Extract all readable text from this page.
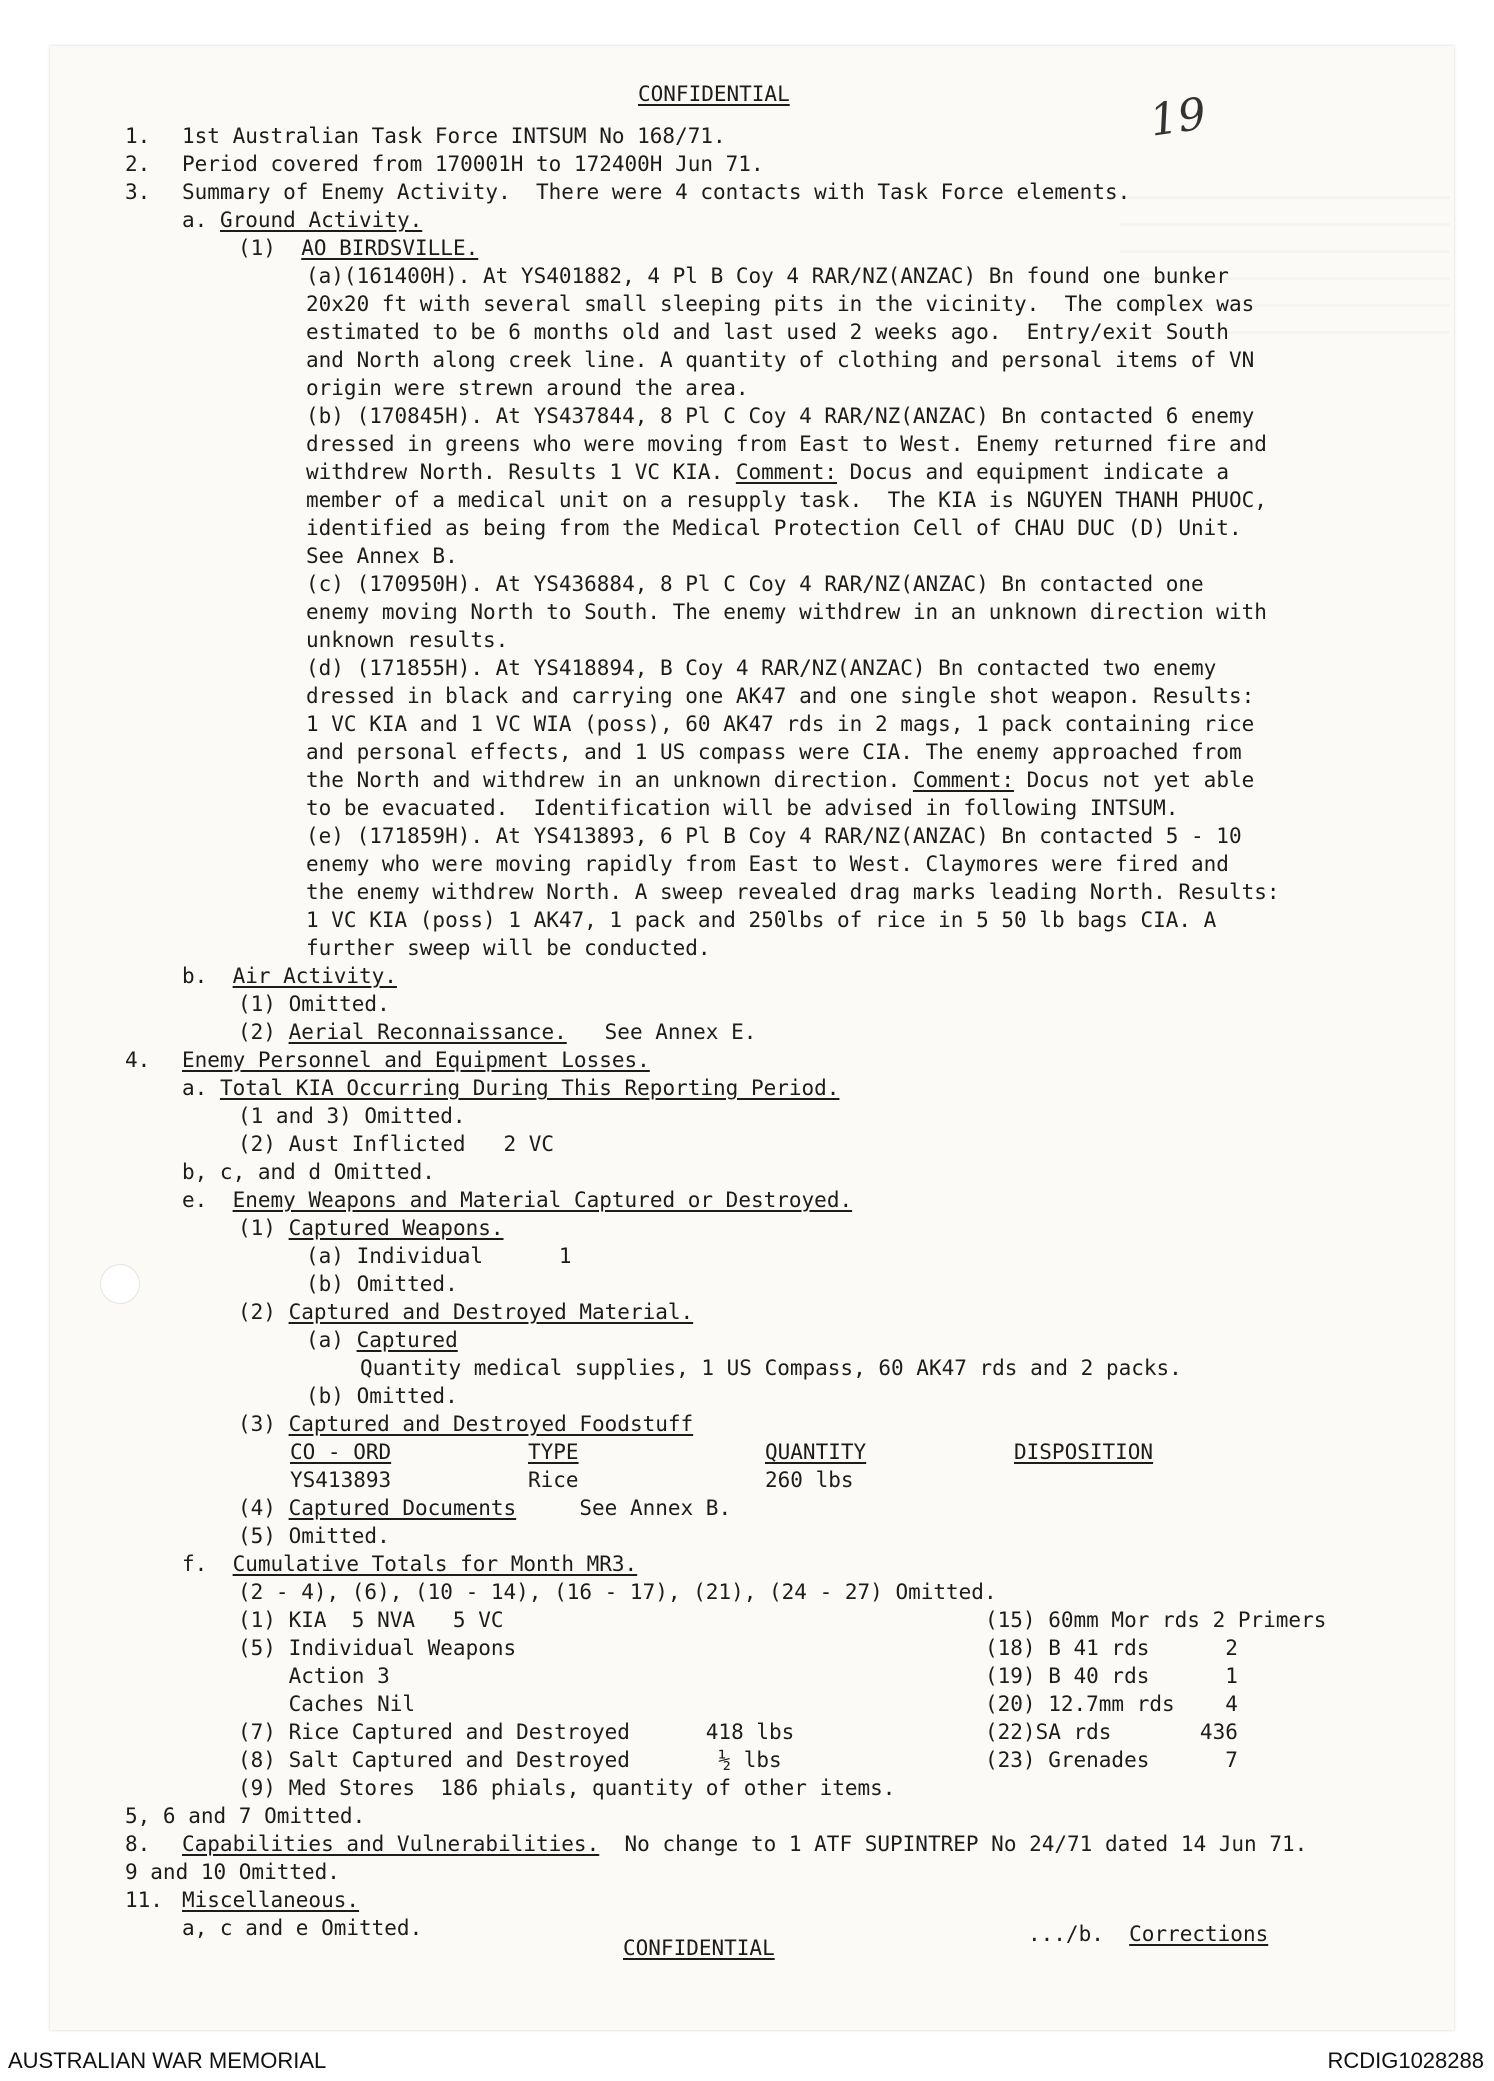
19
CONFIDENTIAL
1. 1st Australian Task Force INTSUM No 168/71.
2. Period covered from 170001H to 172400H Jun 71.
3. Summary of Enemy Activity.  There were 4 contacts with Task Force elements.
a. Ground Activity.
(1) AO BIRDSVILLE.
(a)(161400H). At YS401882, 4 Pl B Coy 4 RAR/NZ(ANZAC) Bn found one bunker
20x20 ft with several small sleeping pits in the vicinity.  The complex was
estimated to be 6 months old and last used 2 weeks ago.  Entry/exit South
and North along creek line. A quantity of clothing and personal items of VN
origin were strewn around the area.
(b) (170845H). At YS437844, 8 Pl C Coy 4 RAR/NZ(ANZAC) Bn contacted 6 enemy
dressed in greens who were moving from East to West. Enemy returned fire and
withdrew North. Results 1 VC KIA. Comment: Docus and equipment indicate a
member of a medical unit on a resupply task.  The KIA is NGUYEN THANH PHUOC,
identified as being from the Medical Protection Cell of CHAU DUC (D) Unit.
See Annex B.
(c) (170950H). At YS436884, 8 Pl C Coy 4 RAR/NZ(ANZAC) Bn contacted one
enemy moving North to South. The enemy withdrew in an unknown direction with
unknown results.
(d) (171855H). At YS418894, B Coy 4 RAR/NZ(ANZAC) Bn contacted two enemy
dressed in black and carrying one AK47 and one single shot weapon. Results:
1 VC KIA and 1 VC WIA (poss), 60 AK47 rds in 2 mags, 1 pack containing rice
and personal effects, and 1 US compass were CIA. The enemy approached from
the North and withdrew in an unknown direction. Comment: Docus not yet able
to be evacuated.  Identification will be advised in following INTSUM.
(e) (171859H). At YS413893, 6 Pl B Coy 4 RAR/NZ(ANZAC) Bn contacted 5 - 10
enemy who were moving rapidly from East to West. Claymores were fired and
the enemy withdrew North. A sweep revealed drag marks leading North. Results:
1 VC KIA (poss) 1 AK47, 1 pack and 250lbs of rice in 5 50 lb bags CIA. A
further sweep will be conducted.
b. Air Activity.
(1) Omitted.
(2) Aerial Reconnaissance.   See Annex E.
4. Enemy Personnel and Equipment Losses.
a. Total KIA Occurring During This Reporting Period.
(1 and 3) Omitted.
(2) Aust Inflicted   2 VC
b, c, and d Omitted.
e. Enemy Weapons and Material Captured or Destroyed.
(1) Captured Weapons.
(a) Individual      1
(b) Omitted.
(2) Captured and Destroyed Material.
(a) Captured
Quantity medical supplies, 1 US Compass, 60 AK47 rds and 2 packs.
(b) Omitted.
(3) Captured and Destroyed Foodstuff
CO - ORD	TYPE	QUANTITY	DISPOSITION
YS413893	Rice	260 lbs
(4) Captured Documents     See Annex B.
(5) Omitted.
f. Cumulative Totals for Month MR3.
(2 - 4), (6), (10 - 14), (16 - 17), (21), (24 - 27) Omitted.
(1) KIA  5 NVA   5 VC
(5) Individual Weapons
Action 3
Caches Nil
(7) Rice Captured and Destroyed      418 lbs
(8) Salt Captured and Destroyed       ½ lbs
(9) Med Stores  186 phials, quantity of other items.
(15) 60mm Mor rds 2 Primers
(18) B 41 rds      2
(19) B 40 rds      1
(20) 12.7mm rds    4
(22)SA rds       436
(23) Grenades      7
5, 6 and 7 Omitted.
8. Capabilities and Vulnerabilities.  No change to 1 ATF SUPINTREP No 24/71 dated 14 Jun 71.
9 and 10 Omitted.
11. Miscellaneous.
a, c and e Omitted.
CONFIDENTIAL
.../b.  Corrections
AUSTRALIAN WAR MEMORIAL	RCDIG1028288
